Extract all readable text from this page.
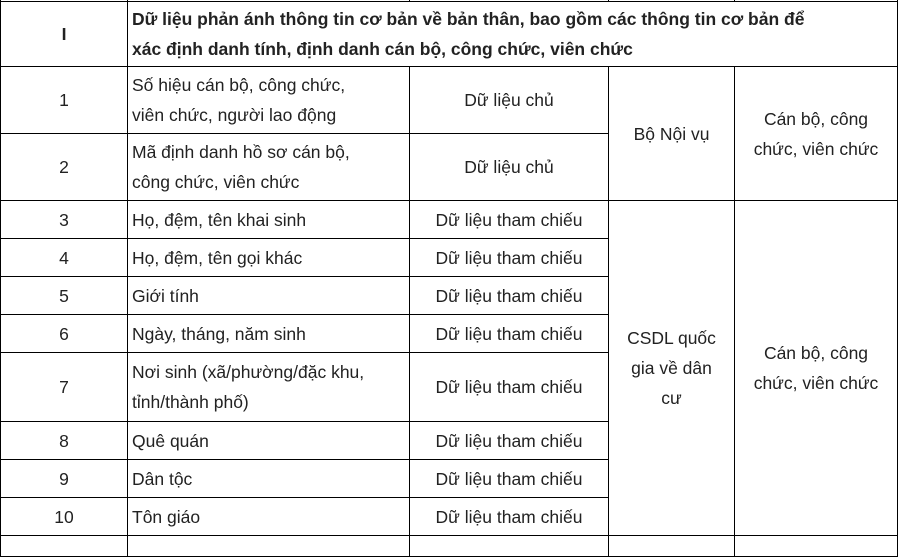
I	Dữ liệu phản ánh thông tin cơ bản về bản thân, bao gồm các thông tin cơ bản để
xác định danh tính, định danh cán bộ, công chức, viên chức			

1	Số hiệu cán bộ, công chức,
viên chức, người lao động	Dữ liệu chủ	Bộ Nội vụ	Cán bộ, công
chức, viên chức

2	Mã định danh hồ sơ cán bộ,
công chức, viên chức	Dữ liệu chủ		
3	Họ, đệm, tên khai sinh	Dữ liệu tham chiếu	CSDL quốc
gia về dân
cư	Cán bộ, công
chức, viên chức

4	Họ, đệm, tên gọi khác	Dữ liệu tham chiếu		
5	Giới tính	Dữ liệu tham chiếu		
6	Ngày, tháng, năm sinh	Dữ liệu tham chiếu		
7	Nơi sinh (xã/phường/đặc khu,
tỉnh/thành phố)	Dữ liệu tham chiếu		
8	Quê quán	Dữ liệu tham chiếu		
9	Dân tộc	Dữ liệu tham chiếu		
10	Tôn giáo	Dữ liệu tham chiếu		
